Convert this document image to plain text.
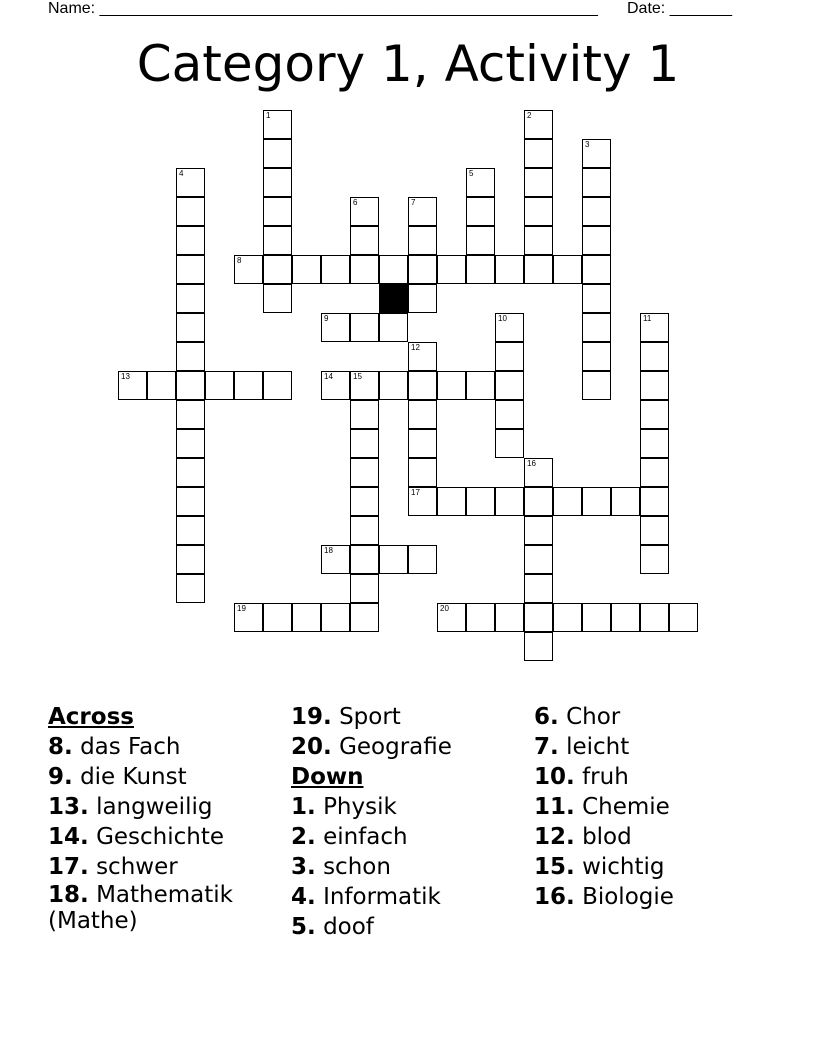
Name: ________________________________________________________ Date: _______
Category 1, Activity 1
8
9
13	14	15
17
18
19	20
1	2
3
4	5
6	7
10	11
12
16
Across
8. das Fach
9. die Kunst
13. langweilig
14. Geschichte
17. schwer
18. Mathematik (Mathe)
19. Sport
20. Geografie
Down
1. Physik
2. einfach
3. schon
4. Informatik
5. doof
6. Chor
7. leicht
10. fruh
11. Chemie
12. blod
15. wichtig
16. Biologie
